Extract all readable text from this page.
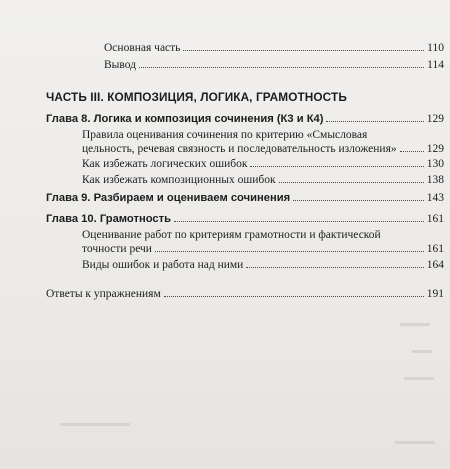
▬▬▬
▬▬
▬▬▬
▬▬▬▬▬▬▬
▬▬▬▬
Основная часть	110
Вывод	114
ЧАСТЬ III. КОМПОЗИЦИЯ, ЛОГИКА, ГРАМОТНОСТЬ
Глава 8. Логика и композиция сочинения (К3 и К4)	129
Правила оценивания сочинения по критерию «Смысловая
цельность, речевая связность и последовательность изложения»	129
Как избежать логических ошибок	130
Как избежать композиционных ошибок	138
Глава 9. Разбираем и оцениваем сочинения	143
Глава 10. Грамотность	161
Оценивание работ по критериям грамотности и фактической
точности речи	161
Виды ошибок и работа над ними	164
Ответы к упражнениям	191
